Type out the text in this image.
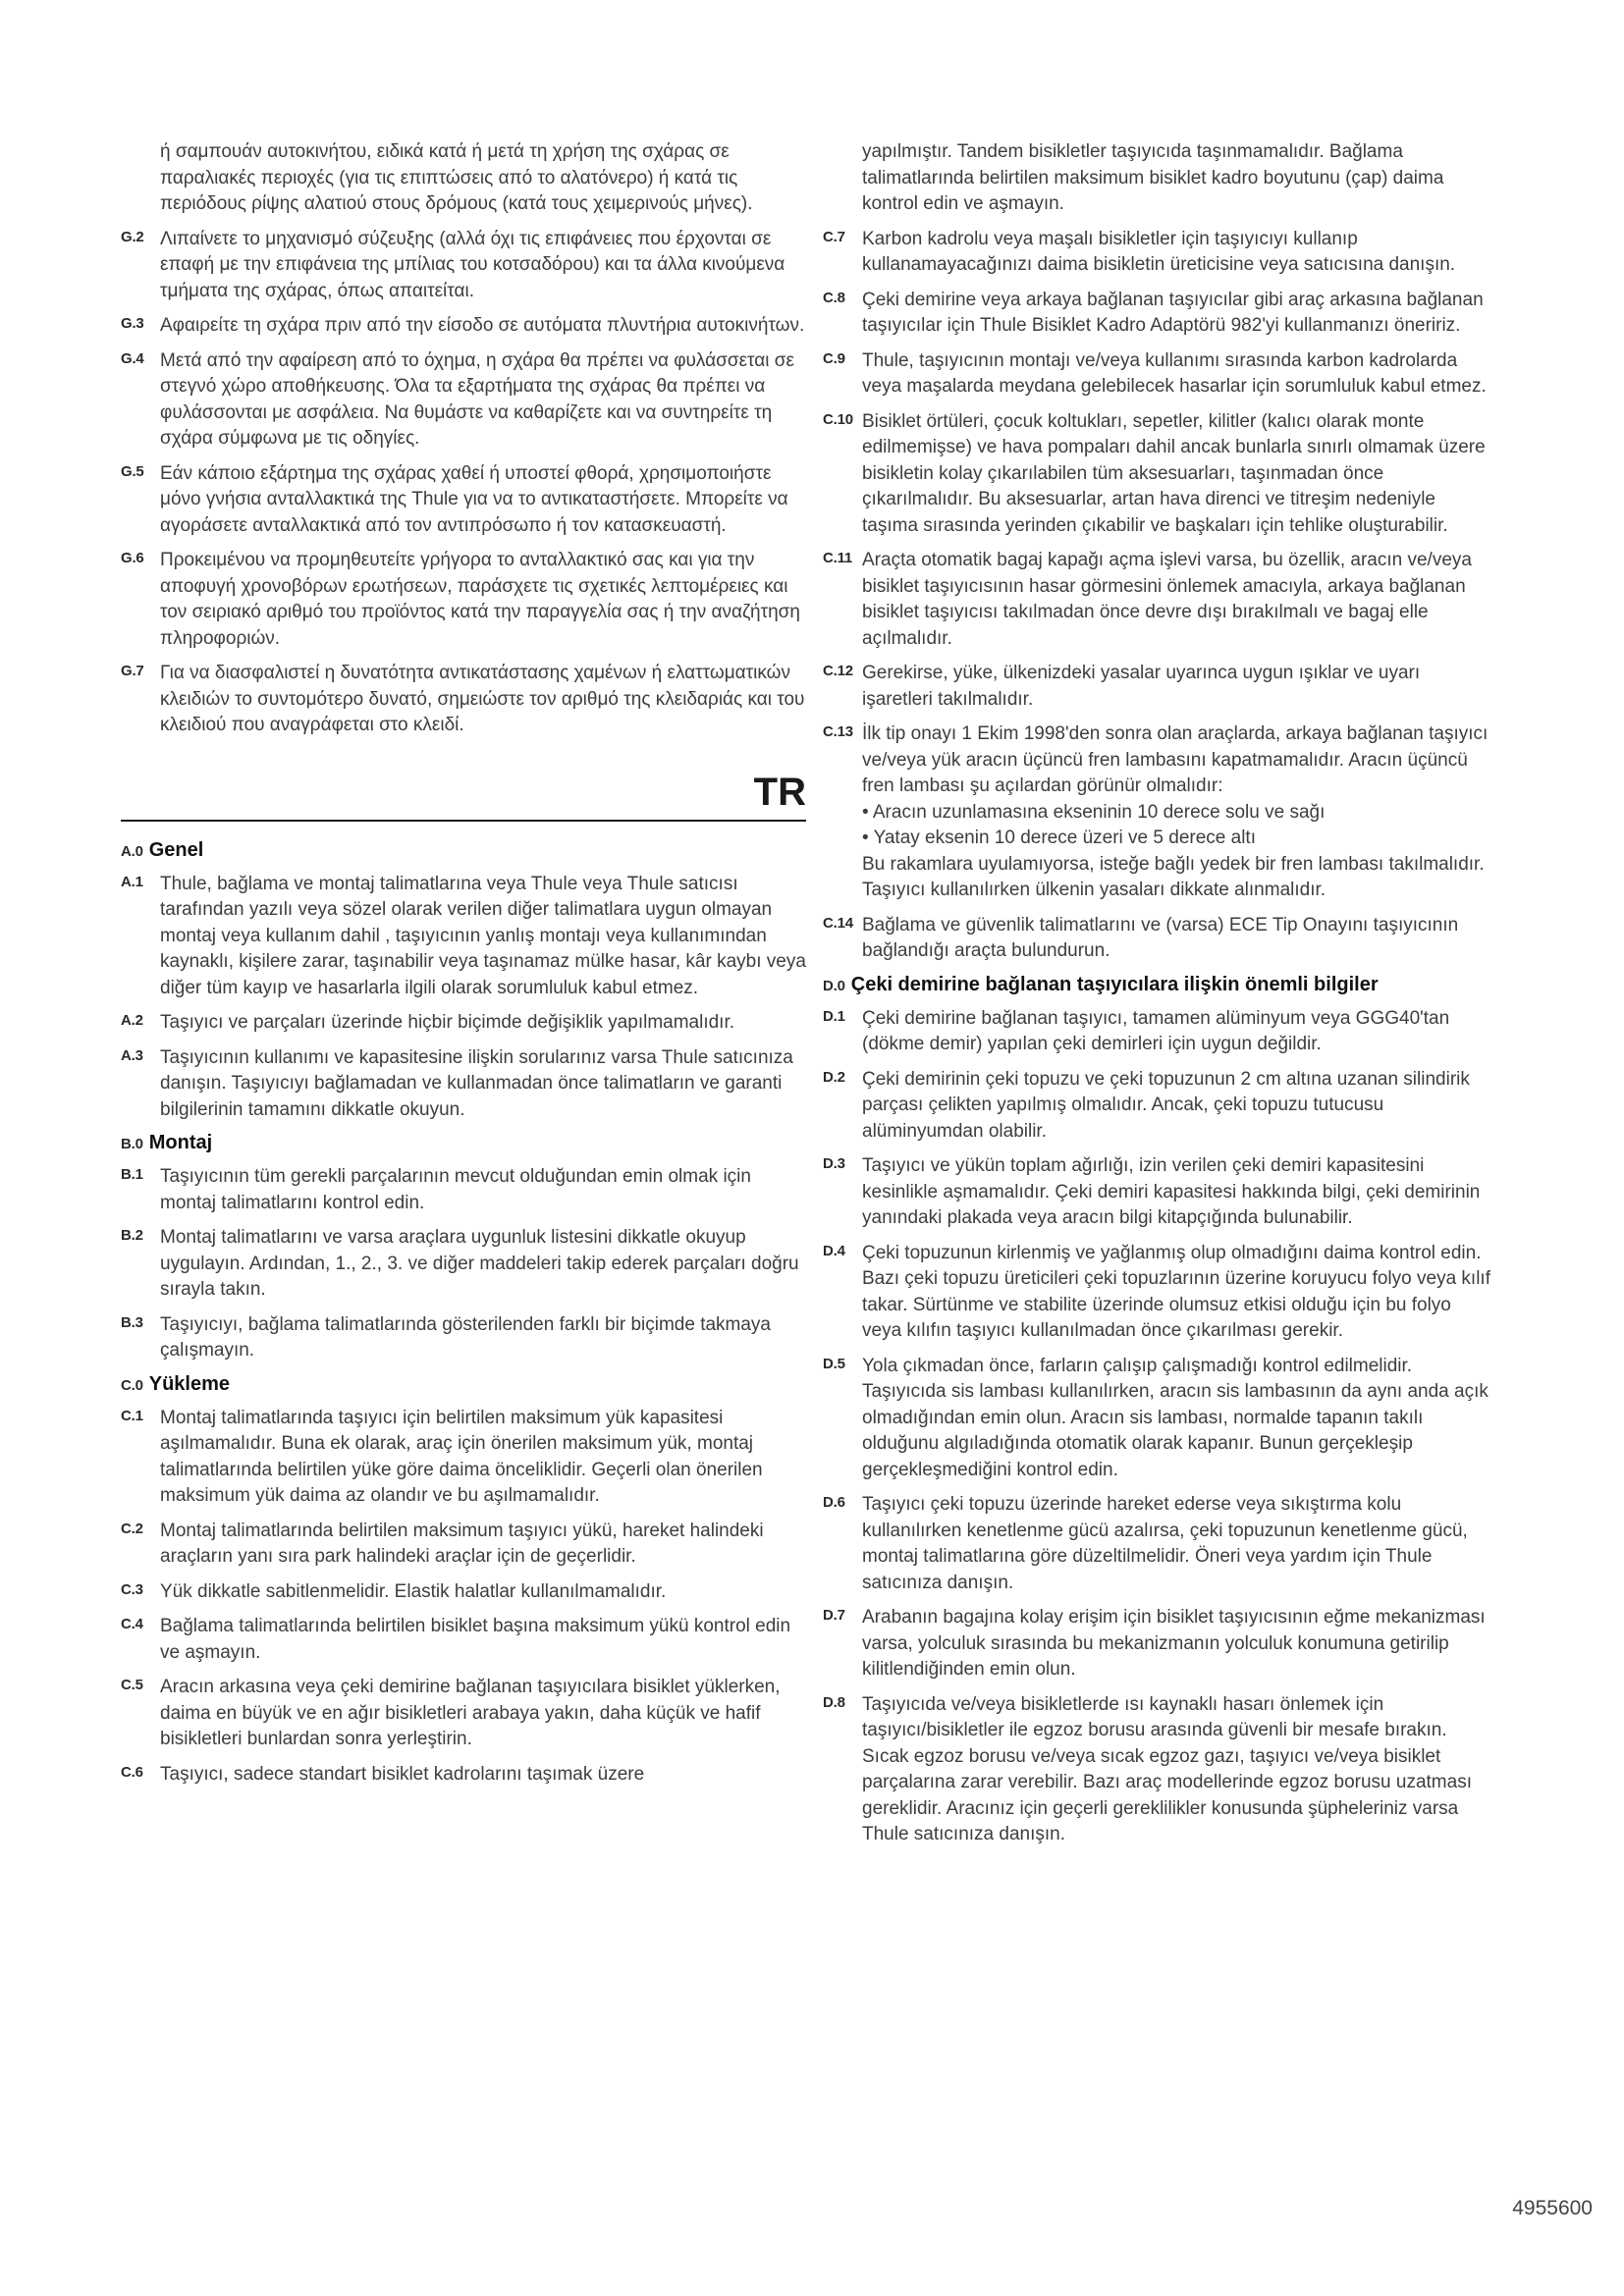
ή σαμπουάν αυτοκινήτου, ειδικά κατά ή μετά τη χρήση της σχάρας σε παραλιακές περιοχές (για τις επιπτώσεις από το αλατόνερο) ή κατά τις περιόδους ρίψης αλατιού στους δρόμους (κατά τους χειμερινούς μήνες).
G.2 Λιπαίνετε το μηχανισμό σύζευξης (αλλά όχι τις επιφάνειες που έρχονται σε επαφή με την επιφάνεια της μπίλιας του κοτσαδόρου) και τα άλλα κινούμενα τμήματα της σχάρας, όπως απαιτείται.
G.3 Αφαιρείτε τη σχάρα πριν από την είσοδο σε αυτόματα πλυντήρια αυτοκινήτων.
G.4 Μετά από την αφαίρεση από το όχημα, η σχάρα θα πρέπει να φυλάσσεται σε στεγνό χώρο αποθήκευσης. Όλα τα εξαρτήματα της σχάρας θα πρέπει να φυλάσσονται με ασφάλεια. Να θυμάστε να καθαρίζετε και να συντηρείτε τη σχάρα σύμφωνα με τις οδηγίες.
G.5 Εάν κάποιο εξάρτημα της σχάρας χαθεί ή υποστεί φθορά, χρησιμοποιήστε μόνο γνήσια ανταλλακτικά της Thule για να το αντικαταστήσετε. Μπορείτε να αγοράσετε ανταλλακτικά από τον αντιπρόσωπο ή τον κατασκευαστή.
G.6 Προκειμένου να προμηθευτείτε γρήγορα το ανταλλακτικό σας και για την αποφυγή χρονοβόρων ερωτήσεων, παράσχετε τις σχετικές λεπτομέρειες και τον σειριακό αριθμό του προϊόντος κατά την παραγγελία σας ή την αναζήτηση πληροφοριών.
G.7 Για να διασφαλιστεί η δυνατότητα αντικατάστασης χαμένων ή ελαττωματικών κλειδιών το συντομότερο δυνατό, σημειώστε τον αριθμό της κλειδαριάς και του κλειδιού που αναγράφεται στο κλειδί.
TR
A.0 Genel
A.1 Thule, bağlama ve montaj talimatlarına veya Thule veya Thule satıcısı tarafından yazılı veya sözel olarak verilen diğer talimatlara uygun olmayan montaj veya kullanım dahil , taşıyıcının yanlış montajı veya kullanımından kaynaklı, kişilere zarar, taşınabilir veya taşınamaz mülke hasar, kâr kaybı veya diğer tüm kayıp ve hasarlarla ilgili olarak sorumluluk kabul etmez.
A.2 Taşıyıcı ve parçaları üzerinde hiçbir biçimde değişiklik yapılmamalıdır.
A.3 Taşıyıcının kullanımı ve kapasitesine ilişkin sorularınız varsa Thule satıcınıza danışın. Taşıyıcıyı bağlamadan ve kullanmadan önce talimatların ve garanti bilgilerinin tamamını dikkatle okuyun.
B.0 Montaj
B.1 Taşıyıcının tüm gerekli parçalarının mevcut olduğundan emin olmak için montaj talimatlarını kontrol edin.
B.2 Montaj talimatlarını ve varsa araçlara uygunluk listesini dikkatle okuyup uygulayın. Ardından, 1., 2., 3. ve diğer maddeleri takip ederek parçaları doğru sırayla takın.
B.3 Taşıyıcıyı, bağlama talimatlarında gösterilenden farklı bir biçimde takmaya çalışmayın.
C.0 Yükleme
C.1 Montaj talimatlarında taşıyıcı için belirtilen maksimum yük kapasitesi aşılmamalıdır. Buna ek olarak, araç için önerilen maksimum yük, montaj talimatlarında belirtilen yüke göre daima önceliklidir. Geçerli olan önerilen maksimum yük daima az olandır ve bu aşılmamalıdır.
C.2 Montaj talimatlarında belirtilen maksimum taşıyıcı yükü, hareket halindeki araçların yanı sıra park halindeki araçlar için de geçerlidir.
C.3 Yük dikkatle sabitlenmelidir. Elastik halatlar kullanılmamalıdır.
C.4 Bağlama talimatlarında belirtilen bisiklet başına maksimum yükü kontrol edin ve aşmayın.
C.5 Aracın arkasına veya çeki demirine bağlanan taşıyıcılara bisiklet yüklerken, daima en büyük ve en ağır bisikletleri arabaya yakın, daha küçük ve hafif bisikletleri bunlardan sonra yerleştirin.
C.6 Taşıyıcı, sadece standart bisiklet kadrolarını taşımak üzere
yapılmıştır. Tandem bisikletler taşıyıcıda taşınmamalıdır. Bağlama talimatlarında belirtilen maksimum bisiklet kadro boyutunu (çap) daima kontrol edin ve aşmayın.
C.7 Karbon kadrolu veya maşalı bisikletler için taşıyıcıyı kullanıp kullanamayacağınızı daima bisikletin üreticisine veya satıcısına danışın.
C.8 Çeki demirine veya arkaya bağlanan taşıyıcılar gibi araç arkasına bağlanan taşıyıcılar için Thule Bisiklet Kadro Adaptörü 982'yi kullanmanızı öneririz.
C.9 Thule, taşıyıcının montajı ve/veya kullanımı sırasında karbon kadrolarda veya maşalarda meydana gelebilecek hasarlar için sorumluluk kabul etmez.
C.10 Bisiklet örtüleri, çocuk koltukları, sepetler, kilitler (kalıcı olarak monte edilmemişse) ve hava pompaları dahil ancak bunlarla sınırlı olmamak üzere bisikletin kolay çıkarılabilen tüm aksesuarları, taşınmadan önce çıkarılmalıdır. Bu aksesuarlar, artan hava direnci ve titreşim nedeniyle taşıma sırasında yerinden çıkabilir ve başkaları için tehlike oluşturabilir.
C.11 Araçta otomatik bagaj kapağı açma işlevi varsa, bu özellik, aracın ve/veya bisiklet taşıyıcısının hasar görmesini önlemek amacıyla, arkaya bağlanan bisiklet taşıyıcısı takılmadan önce devre dışı bırakılmalı ve bagaj elle açılmalıdır.
C.12 Gerekirse, yüke, ülkenizdeki yasalar uyarınca uygun ışıklar ve uyarı işaretleri takılmalıdır.
C.13 İlk tip onayı 1 Ekim 1998'den sonra olan araçlarda, arkaya bağlanan taşıyıcı ve/veya yük aracın üçüncü fren lambasını kapatmamalıdır. Aracın üçüncü fren lambası şu açılardan görünür olmalıdır:
• Aracın uzunlamasına ekseninin 10 derece solu ve sağı
• Yatay eksenin 10 derece üzeri ve 5 derece altı
Bu rakamlara uyulamıyorsa, isteğe bağlı yedek bir fren lambası takılmalıdır. Taşıyıcı kullanılırken ülkenin yasaları dikkate alınmalıdır.
C.14 Bağlama ve güvenlik talimatlarını ve (varsa) ECE Tip Onayını taşıyıcının bağlandığı araçta bulundurun.
D.0 Çeki demirine bağlanan taşıyıcılara ilişkin önemli bilgiler
D.1 Çeki demirine bağlanan taşıyıcı, tamamen alüminyum veya GGG40'tan (dökme demir) yapılan çeki demirleri için uygun değildir.
D.2 Çeki demirinin çeki topuzu ve çeki topuzunun 2 cm altına uzanan silindirik parçası çelikten yapılmış olmalıdır. Ancak, çeki topuzu tutucusu alüminyumdan olabilir.
D.3 Taşıyıcı ve yükün toplam ağırlığı, izin verilen çeki demiri kapasitesini kesinlikle aşmamalıdır. Çeki demiri kapasitesi hakkında bilgi, çeki demirinin yanındaki plakada veya aracın bilgi kitapçığında bulunabilir.
D.4 Çeki topuzunun kirlenmiş ve yağlanmış olup olmadığını daima kontrol edin. Bazı çeki topuzu üreticileri çeki topuzlarının üzerine koruyucu folyo veya kılıf takar. Sürtünme ve stabilite üzerinde olumsuz etkisi olduğu için bu folyo veya kılıfın taşıyıcı kullanılmadan önce çıkarılması gerekir.
D.5 Yola çıkmadan önce, farların çalışıp çalışmadığı kontrol edilmelidir. Taşıyıcıda sis lambası kullanılırken, aracın sis lambasının da aynı anda açık olmadığından emin olun. Aracın sis lambası, normalde tapanın takılı olduğunu algıladığında otomatik olarak kapanır. Bunun gerçekleşip gerçekleşmediğini kontrol edin.
D.6 Taşıyıcı çeki topuzu üzerinde hareket ederse veya sıkıştırma kolu kullanılırken kenetlenme gücü azalırsa, çeki topuzunun kenetlenme gücü, montaj talimatlarına göre düzeltilmelidir. Öneri veya yardım için Thule satıcınıza danışın.
D.7 Arabanın bagajına kolay erişim için bisiklet taşıyıcısının eğme mekanizması varsa, yolculuk sırasında bu mekanizmanın yolculuk konumuna getirilip kilitlendiğinden emin olun.
D.8 Taşıyıcıda ve/veya bisikletlerde ısı kaynaklı hasarı önlemek için taşıyıcı/bisikletler ile egzoz borusu arasında güvenli bir mesafe bırakın. Sıcak egzoz borusu ve/veya sıcak egzoz gazı, taşıyıcı ve/veya bisiklet parçalarına zarar verebilir. Bazı araç modellerinde egzoz borusu uzatması gereklidir. Aracınız için geçerli gereklilikler konusunda şüpheleriniz varsa Thule satıcınıza danışın.
4955600
